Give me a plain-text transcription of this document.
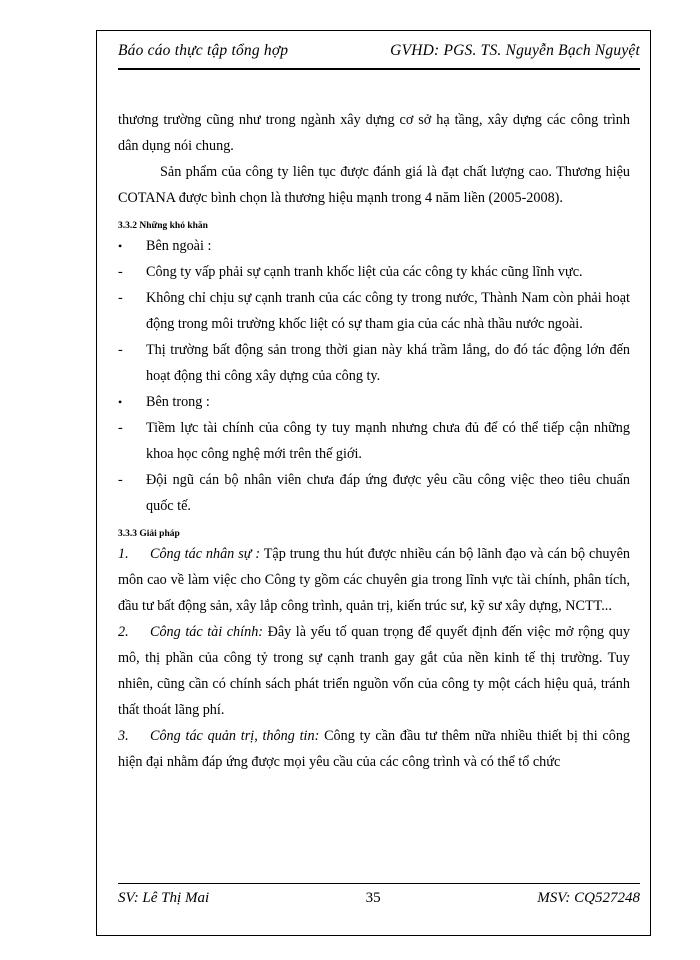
Báo cáo thực tập tổng hợp	GVHD: PGS. TS. Nguyễn Bạch Nguyệt

thương trường cũng như trong ngành xây dựng cơ sở hạ tầng, xây dựng các công trình dân dụng nói chung.

Sản phẩm của công ty liên tục được đánh giá là đạt chất lượng cao. Thương hiệu COTANA được bình chọn là thương hiệu mạnh trong 4 năm liền (2005-2008).

3.3.2 Những khó khăn

•	Bên ngoài :
-	Công ty vấp phải sự cạnh tranh khốc liệt của các công ty khác cũng lĩnh vực.
-	Không chỉ chịu sự cạnh tranh của các công ty trong nước, Thành Nam còn phải hoạt động trong môi trường khốc liệt có sự tham gia của các nhà thầu nước ngoài.
-	Thị trường bất động sản trong thời gian này khá trầm lắng, do đó tác động lớn đến hoạt động thi công xây dựng của công ty.
•	Bên trong :
-	Tiềm lực tài chính của công ty tuy mạnh nhưng chưa đủ để có thể tiếp cận những khoa học công nghệ mới trên thế giới.
-	Đội ngũ cán bộ nhân viên chưa đáp ứng được yêu cầu công việc theo tiêu chuẩn quốc tế.

3.3.3 Giải pháp

1. Công tác nhân sự : Tập trung thu hút được nhiều cán bộ lãnh đạo và cán bộ chuyên môn cao về làm việc cho Công ty gồm các chuyên gia trong lĩnh vực tài chính, phân tích, đầu tư bất động sản, xây lắp công trình, quản trị, kiến trúc sư, kỹ sư xây dựng, NCTT...

2. Công tác tài chính: Đây là yếu tố quan trọng để quyết định đến việc mở rộng quy mô, thị phần của công tỷ trong sự cạnh tranh gay gắt của nền kinh tế thị trường. Tuy nhiên, cũng cần có chính sách phát triển nguồn vốn của công ty một cách hiệu quả, tránh thất thoát lãng phí.

3. Công tác quản trị, thông tin: Công ty cần đầu tư thêm nữa nhiều thiết bị thi công hiện đại nhằm đáp ứng được mọi yêu cầu của các công trình và có thể tổ chức

SV: Lê Thị Mai	35	MSV: CQ527248
